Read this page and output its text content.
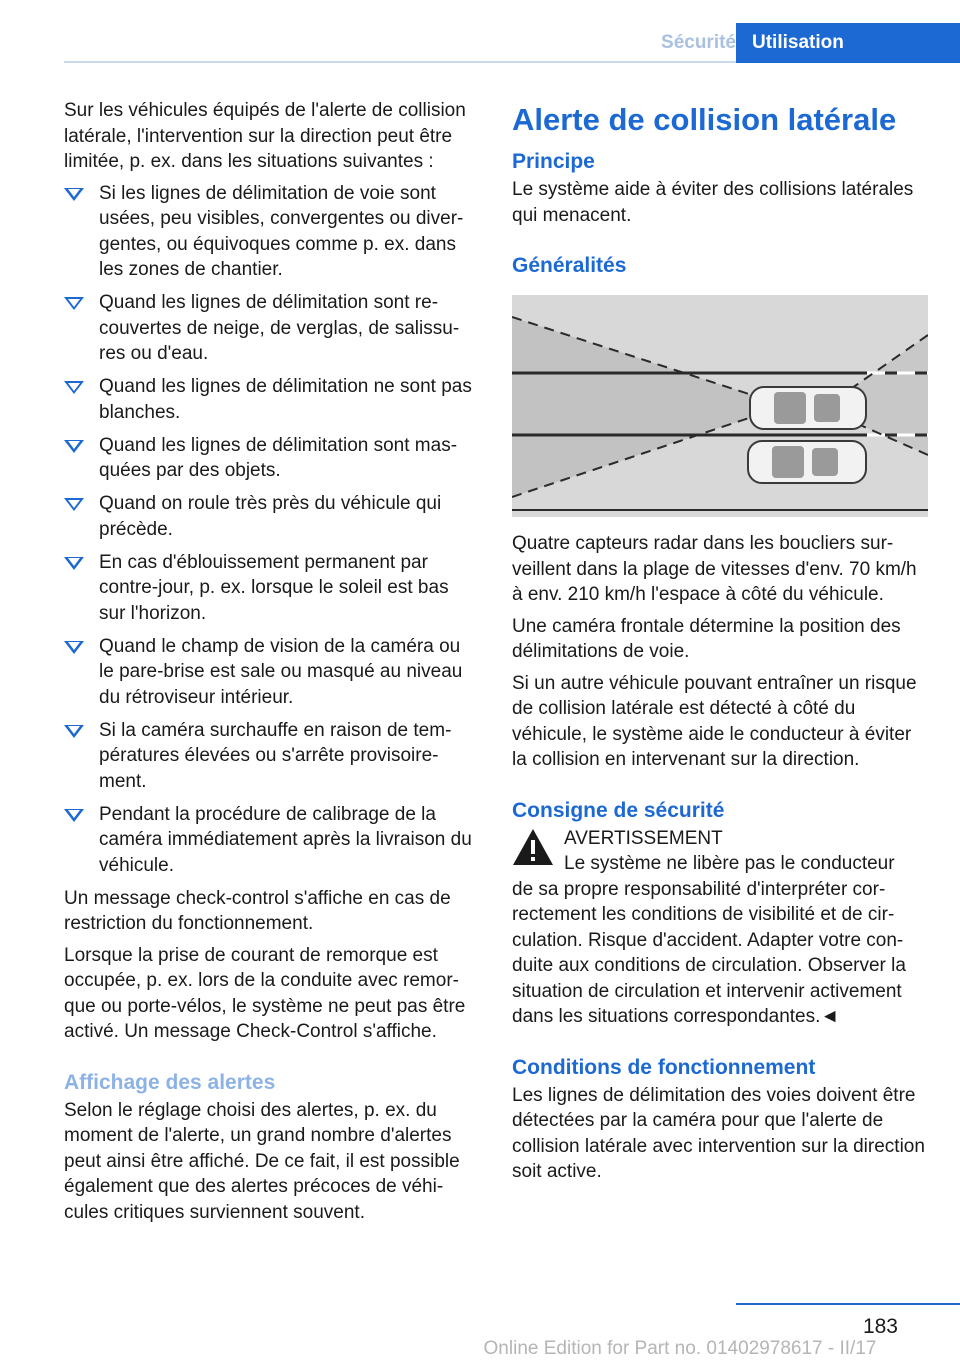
Sécurité Utilisation

Sur les véhicules équipés de l'alerte de collision latérale, l'intervention sur la direction peut être limitée, p. ex. dans les situations suivantes :

Si les lignes de délimitation de voie sont usées, peu visibles, convergentes ou divergentes, ou équivoques comme p. ex. dans les zones de chantier.
Quand les lignes de délimitation sont recouvertes de neige, de verglas, de salissures ou d'eau.
Quand les lignes de délimitation ne sont pas blanches.
Quand les lignes de délimitation sont masquées par des objets.
Quand on roule très près du véhicule qui précède.
En cas d'éblouissement permanent par contre-jour, p. ex. lorsque le soleil est bas sur l'horizon.
Quand le champ de vision de la caméra ou le pare-brise est sale ou masqué au niveau du rétroviseur intérieur.
Si la caméra surchauffe en raison de températures élevées ou s'arrête provisoirement.
Pendant la procédure de calibrage de la caméra immédiatement après la livraison du véhicule.

Un message check-control s'affiche en cas de restriction du fonctionnement.

Lorsque la prise de courant de remorque est occupée, p. ex. lors de la conduite avec remorque ou porte-vélos, le système ne peut pas être activé. Un message Check-Control s'affiche.

Affichage des alertes

Selon le réglage choisi des alertes, p. ex. du moment de l'alerte, un grand nombre d'alertes peut ainsi être affiché. De ce fait, il est possible également que des alertes précoces de véhicules critiques surviennent souvent.

Alerte de collision latérale
Principe

Le système aide à éviter des collisions latérales qui menacent.

Généralités

Quatre capteurs radar dans les boucliers surveillent dans la plage de vitesses d'env. 70 km/h à env. 210 km/h l'espace à côté du véhicule.

Une caméra frontale détermine la position des délimitations de voie.

Si un autre véhicule pouvant entraîner un risque de collision latérale est détecté à côté du véhicule, le système aide le conducteur à éviter la collision en intervenant sur la direction.

Consigne de sécurité
AVERTISSEMENT
Le système ne libère pas le conducteur

de sa propre responsabilité d'interpréter correctement les conditions de visibilité et de circulation. Risque d'accident. Adapter votre conduite aux conditions de circulation. Observer la situation de circulation et intervenir activement dans les situations correspondantes.◄

Conditions de fonctionnement

Les lignes de délimitation des voies doivent être détectées par la caméra pour que l'alerte de collision latérale avec intervention sur la direction soit active.

183
Online Edition for Part no. 01402978617 - II/17
